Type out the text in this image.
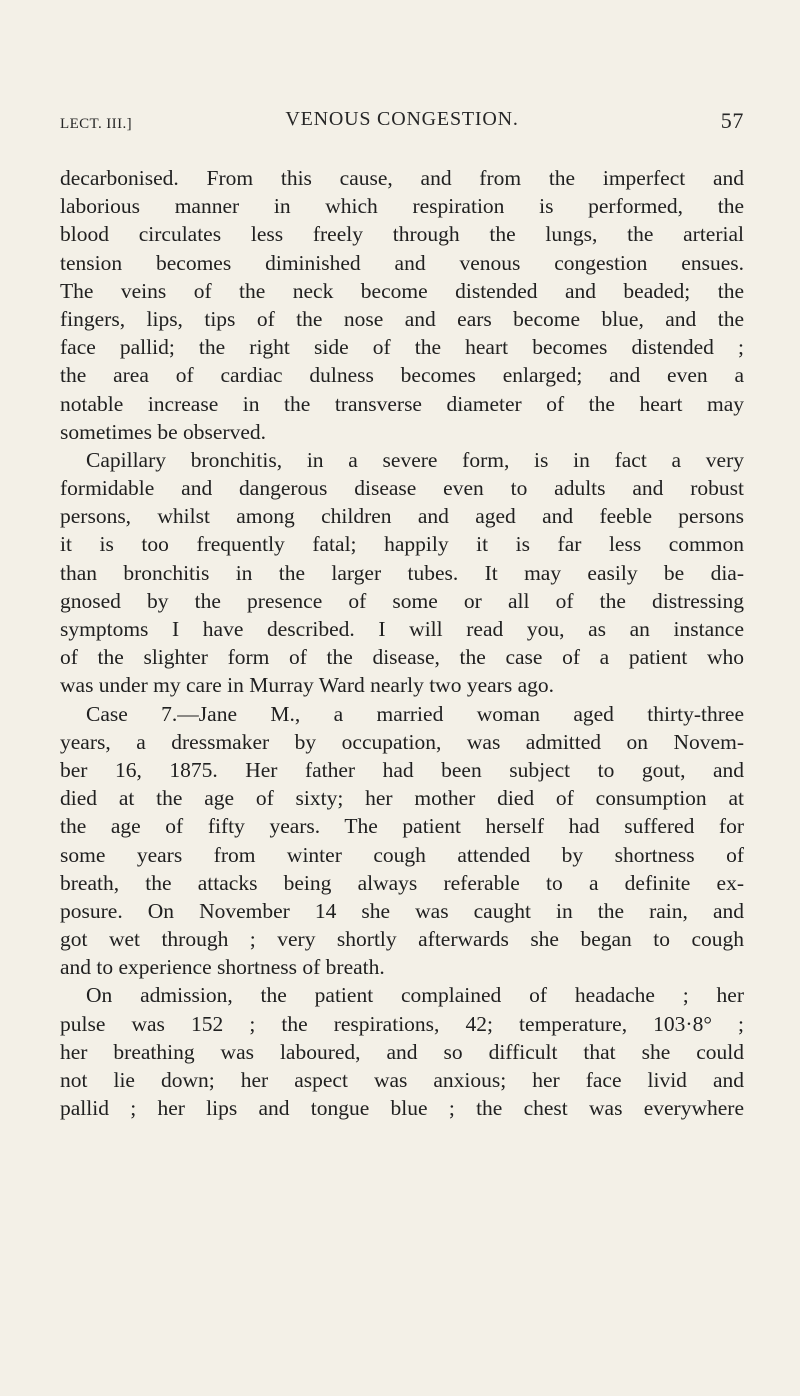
LECT. III.]	VENOUS CONGESTION.	57
decarbonised. From this cause, and from the imperfect and
laborious manner in which respiration is performed, the
blood circulates less freely through the lungs, the arterial
tension becomes diminished and venous congestion ensues.
The veins of the neck become distended and beaded; the
fingers, lips, tips of the nose and ears become blue, and the
face pallid; the right side of the heart becomes distended ;
the area of cardiac dulness becomes enlarged; and even a
notable increase in the transverse diameter of the heart may
sometimes be observed.
Capillary bronchitis, in a severe form, is in fact a very
formidable and dangerous disease even to adults and robust
persons, whilst among children and aged and feeble persons
it is too frequently fatal; happily it is far less common
than bronchitis in the larger tubes. It may easily be dia-
gnosed by the presence of some or all of the distressing
symptoms I have described. I will read you, as an instance
of the slighter form of the disease, the case of a patient who
was under my care in Murray Ward nearly two years ago.
Case 7.—Jane M., a married woman aged thirty-three
years, a dressmaker by occupation, was admitted on Novem-
ber 16, 1875. Her father had been subject to gout, and
died at the age of sixty; her mother died of consumption at
the age of fifty years. The patient herself had suffered for
some years from winter cough attended by shortness of
breath, the attacks being always referable to a definite ex-
posure. On November 14 she was caught in the rain, and
got wet through ; very shortly afterwards she began to cough
and to experience shortness of breath.
On admission, the patient complained of headache ; her
pulse was 152 ; the respirations, 42; temperature, 103·8° ;
her breathing was laboured, and so difficult that she could
not lie down; her aspect was anxious; her face livid and
pallid ; her lips and tongue blue ; the chest was everywhere
